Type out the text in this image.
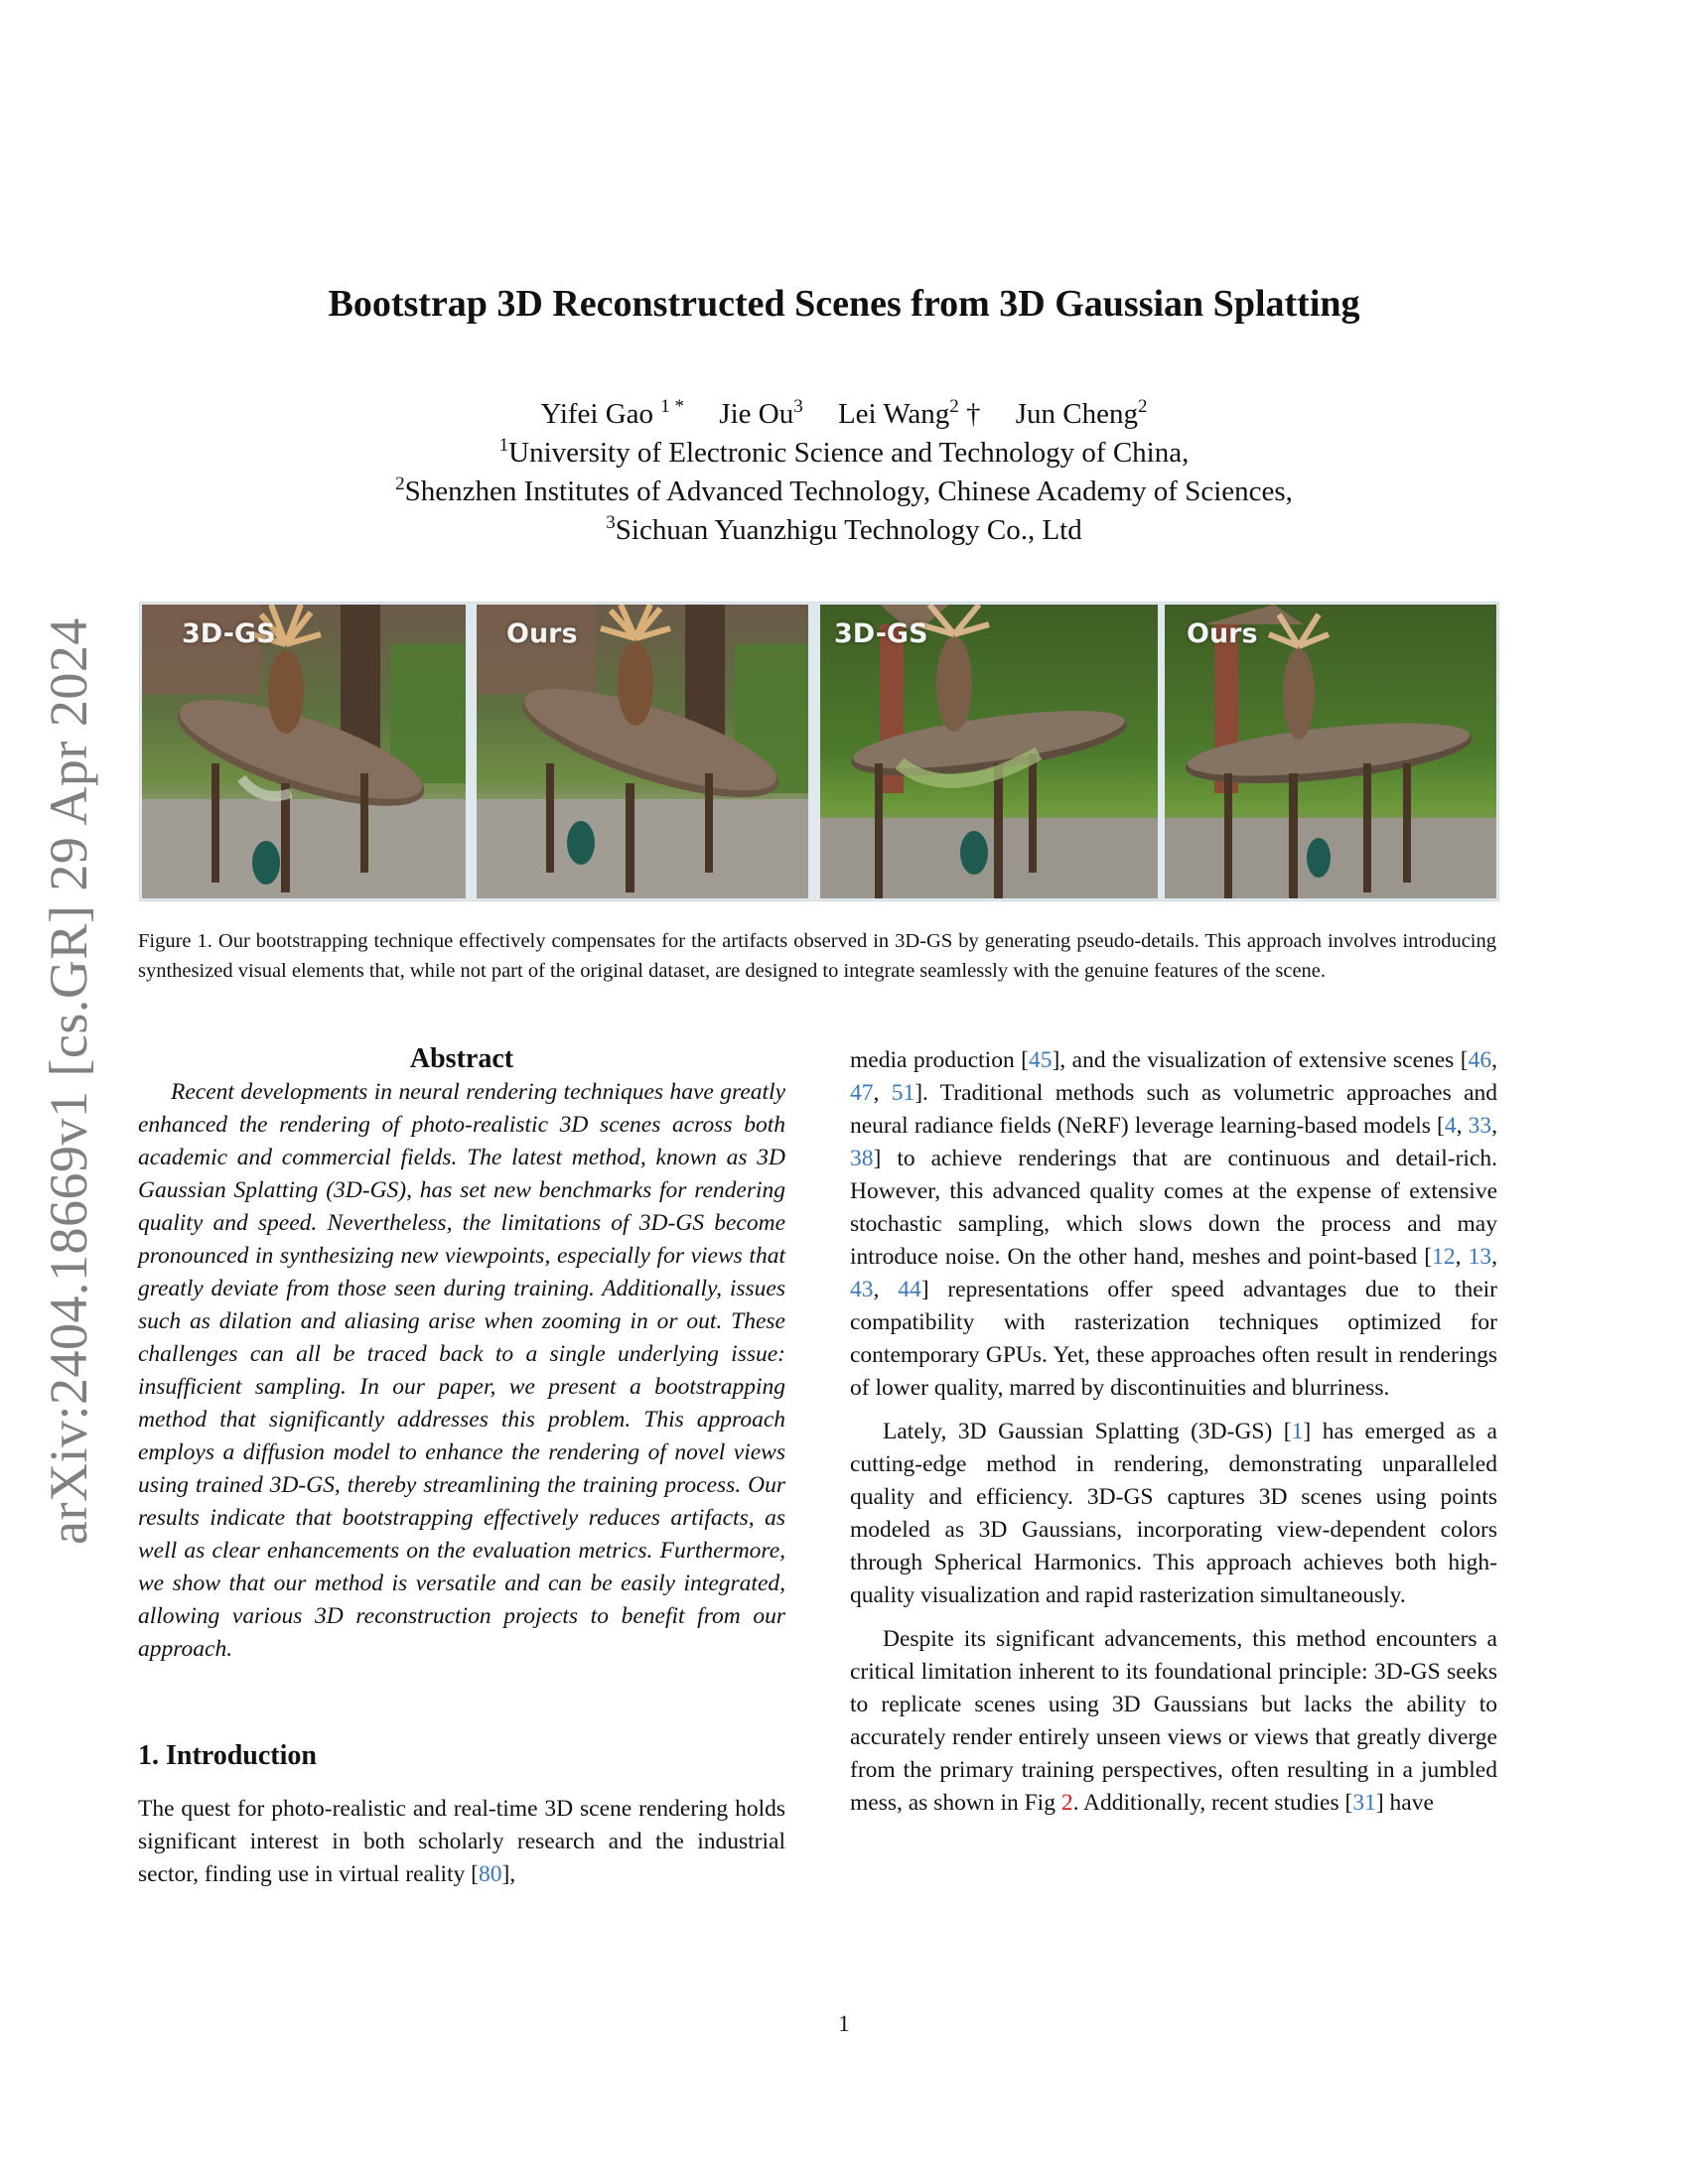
arXiv:2404.18669v1 [cs.GR] 29 Apr 2024
Bootstrap 3D Reconstructed Scenes from 3D Gaussian Splatting
Yifei Gao $^{1 *}$ Jie Ou$^3$ Lei Wang$^2$ † Jun Cheng$^2$
$^1$University of Electronic Science and Technology of China,
$^2$Shenzhen Institutes of Advanced Technology, Chinese Academy of Sciences,
$^3$Sichuan Yuanzhigu Technology Co., Ltd
3D-GS	Ours	3D-GS	Ours
Figure 1. Our bootstrapping technique effectively compensates for the artifacts observed in 3D-GS by generating pseudo-details. This approach involves introducing synthesized visual elements that, while not part of the original dataset, are designed to integrate seamlessly with the genuine features of the scene.
Abstract

Recent developments in neural rendering techniques have greatly enhanced the rendering of photo-realistic 3D scenes across both academic and commercial fields. The latest method, known as 3D Gaussian Splatting (3D-GS), has set new benchmarks for rendering quality and speed. Nevertheless, the limitations of 3D-GS become pronounced in synthesizing new viewpoints, especially for views that greatly deviate from those seen during training. Additionally, issues such as dilation and aliasing arise when zooming in or out. These challenges can all be traced back to a single underlying issue: insufficient sampling. In our paper, we present a bootstrapping method that significantly addresses this problem. This approach employs a diffusion model to enhance the rendering of novel views using trained 3D-GS, thereby streamlining the training process. Our results indicate that bootstrapping effectively reduces artifacts, as well as clear enhancements on the evaluation metrics. Furthermore, we show that our method is versatile and can be easily integrated, allowing various 3D reconstruction projects to benefit from our approach.

1. Introduction

The quest for photo-realistic and real-time 3D scene rendering holds significant interest in both scholarly research and the industrial sector, finding use in virtual reality [80],

media production [45], and the visualization of extensive scenes [46, 47, 51]. Traditional methods such as volumetric approaches and neural radiance fields (NeRF) leverage learning-based models [4, 33, 38] to achieve renderings that are continuous and detail-rich. However, this advanced quality comes at the expense of extensive stochastic sampling, which slows down the process and may introduce noise. On the other hand, meshes and point-based [12, 13, 43, 44] representations offer speed advantages due to their compatibility with rasterization techniques optimized for contemporary GPUs. Yet, these approaches often result in renderings of lower quality, marred by discontinuities and blurriness.

Lately, 3D Gaussian Splatting (3D-GS) [1] has emerged as a cutting-edge method in rendering, demonstrating unparalleled quality and efficiency. 3D-GS captures 3D scenes using points modeled as 3D Gaussians, incorporating view-dependent colors through Spherical Harmonics. This approach achieves both high-quality visualization and rapid rasterization simultaneously.

Despite its significant advancements, this method encounters a critical limitation inherent to its foundational principle: 3D-GS seeks to replicate scenes using 3D Gaussians but lacks the ability to accurately render entirely unseen views or views that greatly diverge from the primary training perspectives, often resulting in a jumbled mess, as shown in Fig 2. Additionally, recent studies [31] have

1
